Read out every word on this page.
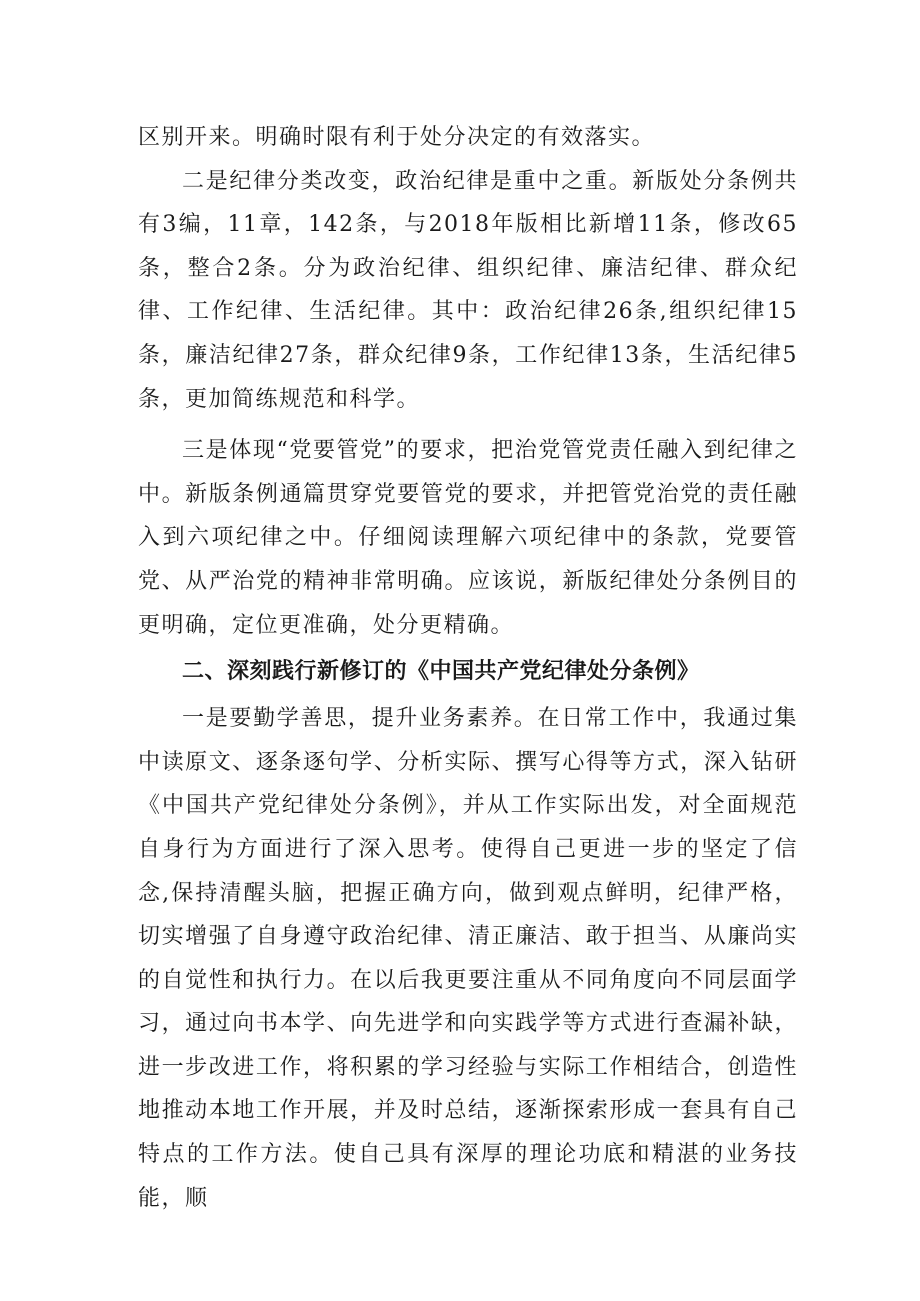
区别开来。明确时限有利于处分决定的有效落实。

二是纪律分类改变，政治纪律是重中之重。新版处分条例共有3编，11章，142条，与2018年版相比新增11条，修改65条，整合2条。分为政治纪律、组织纪律、廉洁纪律、群众纪律、工作纪律、生活纪律。其中：政治纪律26条,组织纪律15条，廉洁纪律27条，群众纪律9条，工作纪律13条，生活纪律5条，更加简练规范和科学。

三是体现“党要管党”的要求，把治党管党责任融入到纪律之中。新版条例通篇贯穿党要管党的要求，并把管党治党的责任融入到六项纪律之中。仔细阅读理解六项纪律中的条款，党要管党、从严治党的精神非常明确。应该说，新版纪律处分条例目的更明确，定位更准确，处分更精确。

二、深刻践行新修订的《中国共产党纪律处分条例》

一是要勤学善思，提升业务素养。在日常工作中，我通过集中读原文、逐条逐句学、分析实际、撰写心得等方式，深入钻研《中国共产党纪律处分条例》，并从工作实际出发，对全面规范自身行为方面进行了深入思考。使得自己更进一步的坚定了信念,保持清醒头脑，把握正确方向，做到观点鲜明，纪律严格，切实增强了自身遵守政治纪律、清正廉洁、敢于担当、从廉尚实的自觉性和执行力。在以后我更要注重从不同角度向不同层面学习，通过向书本学、向先进学和向实践学等方式进行查漏补缺，进一步改进工作，将积累的学习经验与实际工作相结合，创造性地推动本地工作开展，并及时总结，逐渐探索形成一套具有自己特点的工作方法。使自己具有深厚的理论功底和精湛的业务技能，顺
